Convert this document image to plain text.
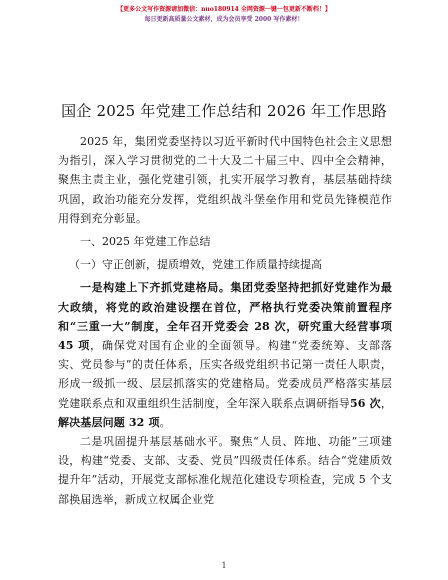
【更多公文写作资源请加微信：nuo180914 全网资源一键一包更新不断档！】
每日更新高质量公文素材，成为会员享受 2000 写作素材！
国企 2025 年党建工作总结和 2026 年工作思路

2025 年，集团党委坚持以习近平新时代中国特色社会主义思想为指引，深入学习贯彻党的二十大及二十届三中、四中全会精神，聚焦主责主业，强化党建引领，扎实开展学习教育，基层基础持续巩固，政治功能充分发挥，党组织战斗堡垒作用和党员先锋模范作用得到充分彰显。

一、2025 年党建工作总结

（一）守正创新，提质增效，党建工作质量持续提高

一是构建上下齐抓党建格局。集团党委坚持把抓好党建作为最大政绩，将党的政治建设摆在首位，严格执行党委决策前置程序和“三重一大”制度，全年召开党委会 28 次，研究重大经营事项 45 项，确保党对国有企业的全面领导。构建“党委统筹、支部落实、党员参与”的责任体系，压实各级党组织书记第一责任人职责，形成一级抓一级、层层抓落实的党建格局。党委成员严格落实基层党建联系点和双重组织生活制度，全年深入联系点调研指导56 次，解决基层问题 32 项。

二是巩固提升基层基础水平。聚焦“人员、阵地、功能”三项建设，构建“党委、支部、支委、党员”四级责任体系。结合“党建质效提升年”活动，开展党支部标准化规范化建设专项检查，完成 5 个支部换届选举，新成立权属企业党

1
